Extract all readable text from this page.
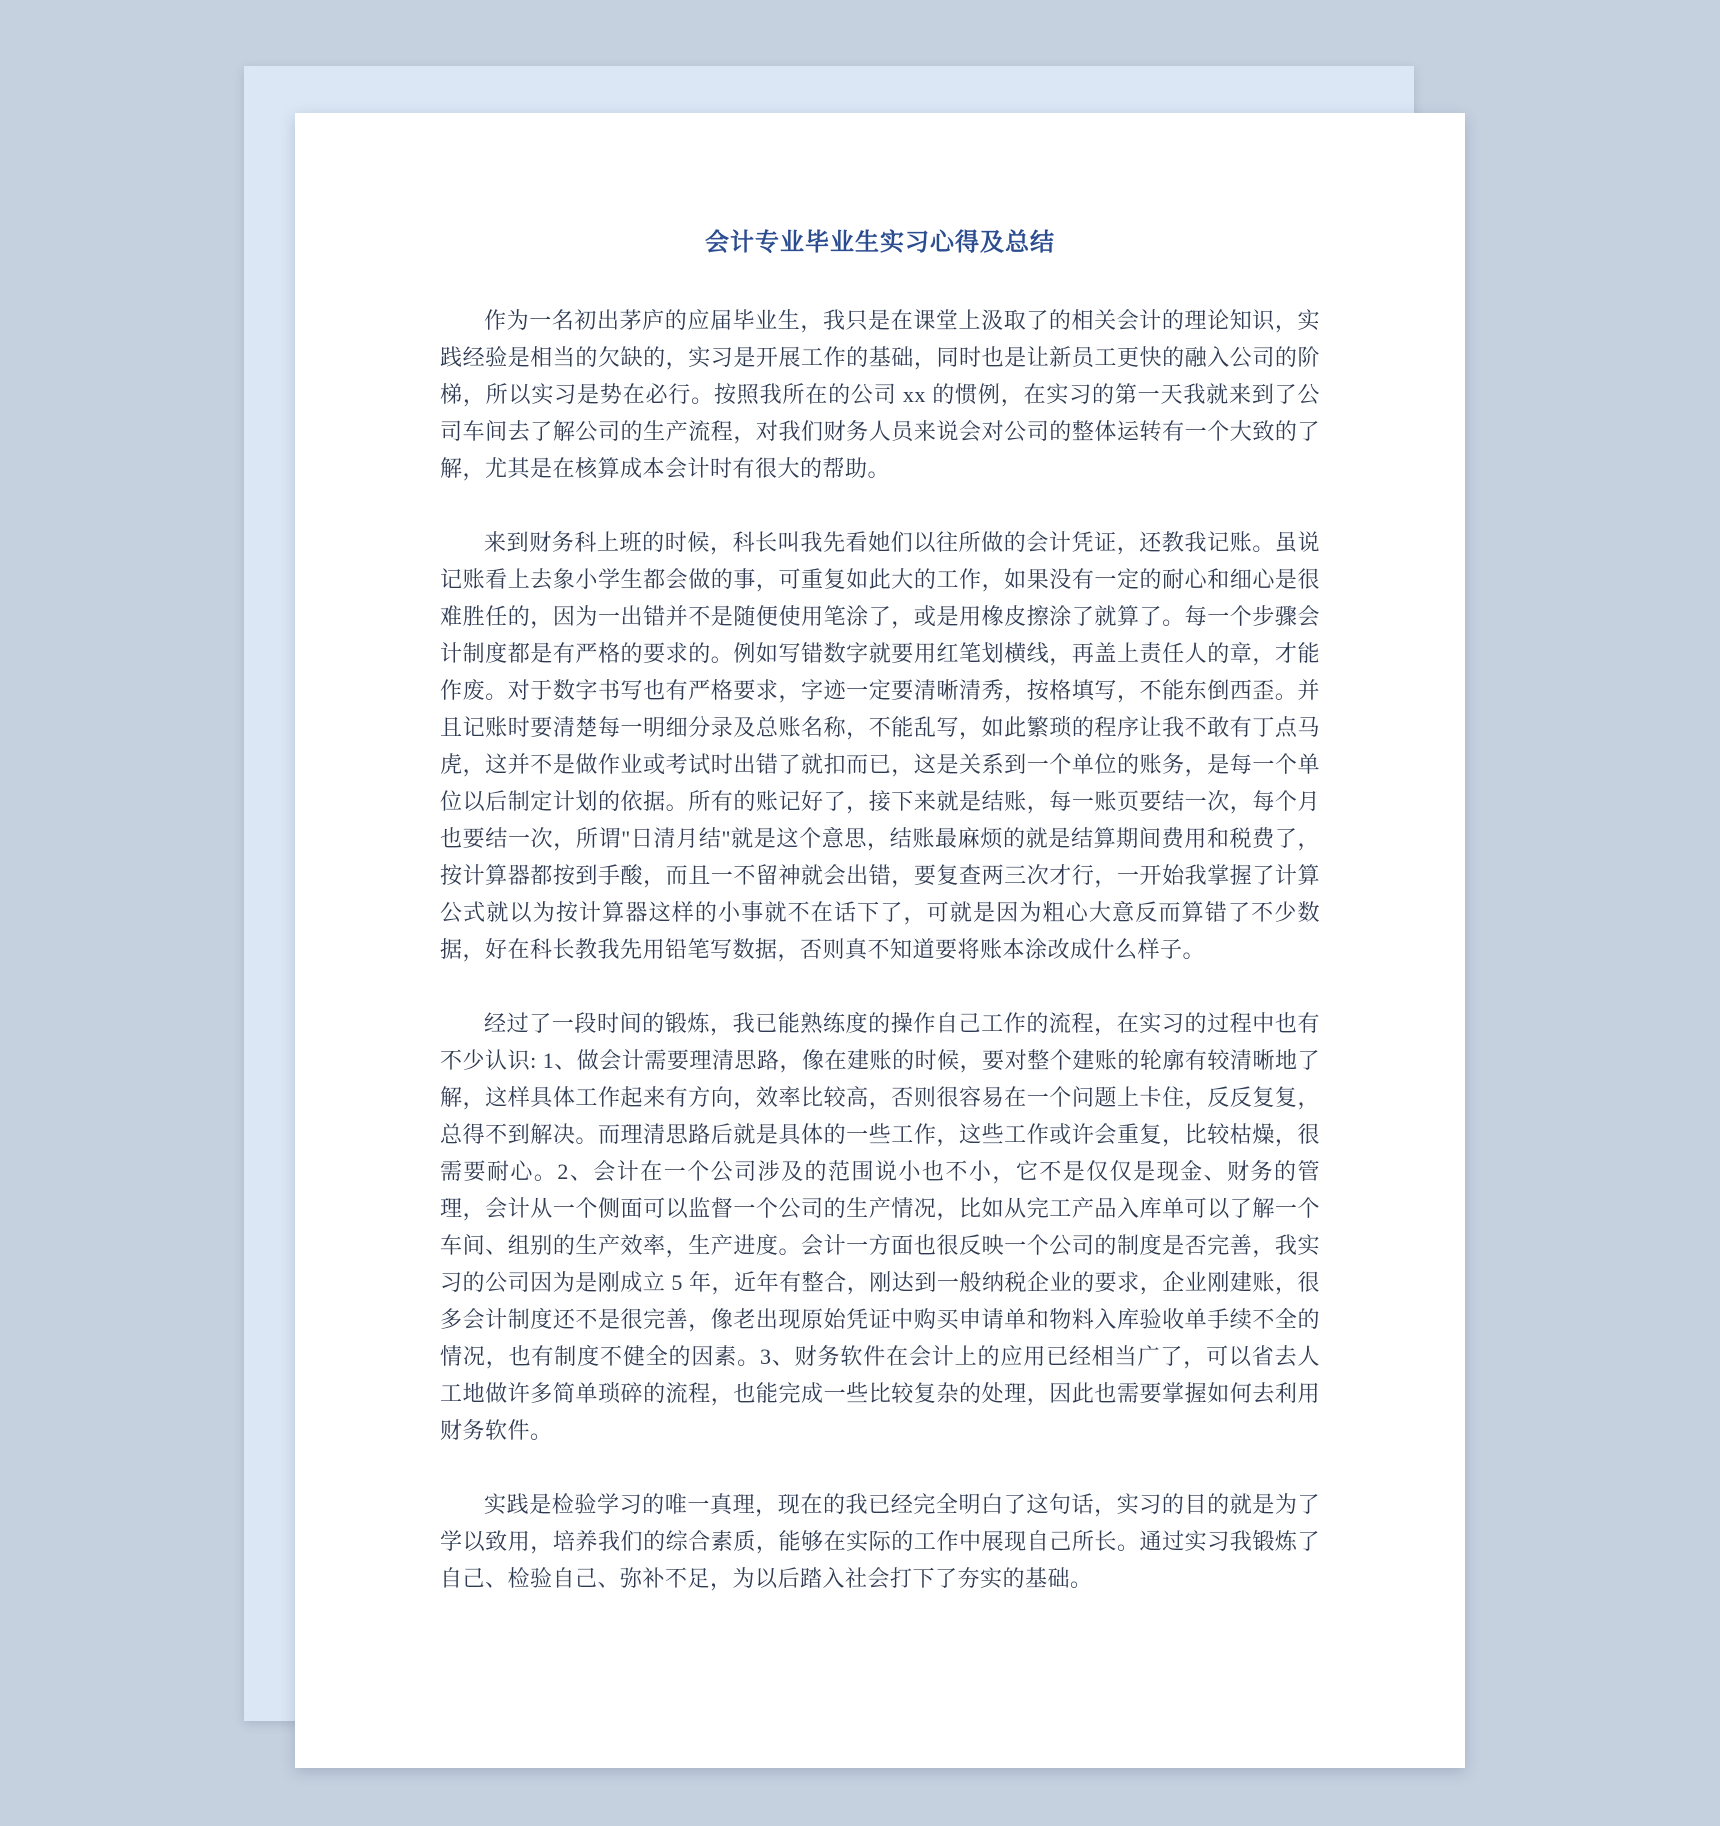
会计专业毕业生实习心得及总结

作为一名初出茅庐的应届毕业生，我只是在课堂上汲取了的相关会计的理论知识，实践经验是相当的欠缺的，实习是开展工作的基础，同时也是让新员工更快的融入公司的阶梯，所以实习是势在必行。按照我所在的公司 xx 的惯例，在实习的第一天我就来到了公司车间去了解公司的生产流程，对我们财务人员来说会对公司的整体运转有一个大致的了解，尤其是在核算成本会计时有很大的帮助。

来到财务科上班的时候，科长叫我先看她们以往所做的会计凭证，还教我记账。虽说记账看上去象小学生都会做的事，可重复如此大的工作，如果没有一定的耐心和细心是很难胜任的，因为一出错并不是随便使用笔涂了，或是用橡皮擦涂了就算了。每一个步骤会计制度都是有严格的要求的。例如写错数字就要用红笔划横线，再盖上责任人的章，才能作废。对于数字书写也有严格要求，字迹一定要清晰清秀，按格填写，不能东倒西歪。并且记账时要清楚每一明细分录及总账名称，不能乱写，如此繁琐的程序让我不敢有丁点马虎，这并不是做作业或考试时出错了就扣而已，这是关系到一个单位的账务，是每一个单位以后制定计划的依据。所有的账记好了，接下来就是结账，每一账页要结一次，每个月也要结一次，所谓"日清月结"就是这个意思，结账最麻烦的就是结算期间费用和税费了，按计算器都按到手酸，而且一不留神就会出错，要复查两三次才行，一开始我掌握了计算公式就以为按计算器这样的小事就不在话下了，可就是因为粗心大意反而算错了不少数据，好在科长教我先用铅笔写数据，否则真不知道要将账本涂改成什么样子。

经过了一段时间的锻炼，我已能熟练度的操作自己工作的流程，在实习的过程中也有不少认识: 1、做会计需要理清思路，像在建账的时候，要对整个建账的轮廓有较清晰地了解，这样具体工作起来有方向，效率比较高，否则很容易在一个问题上卡住，反反复复，总得不到解决。而理清思路后就是具体的一些工作，这些工作或许会重复，比较枯燥，很需要耐心。2、会计在一个公司涉及的范围说小也不小，它不是仅仅是现金、财务的管理，会计从一个侧面可以监督一个公司的生产情况，比如从完工产品入库单可以了解一个车间、组别的生产效率，生产进度。会计一方面也很反映一个公司的制度是否完善，我实习的公司因为是刚成立 5 年，近年有整合，刚达到一般纳税企业的要求，企业刚建账，很多会计制度还不是很完善，像老出现原始凭证中购买申请单和物料入库验收单手续不全的情况，也有制度不健全的因素。3、财务软件在会计上的应用已经相当广了，可以省去人工地做许多简单琐碎的流程，也能完成一些比较复杂的处理，因此也需要掌握如何去利用财务软件。

实践是检验学习的唯一真理，现在的我已经完全明白了这句话，实习的目的就是为了学以致用，培养我们的综合素质，能够在实际的工作中展现自己所长。通过实习我锻炼了自己、检验自己、弥补不足，为以后踏入社会打下了夯实的基础。
